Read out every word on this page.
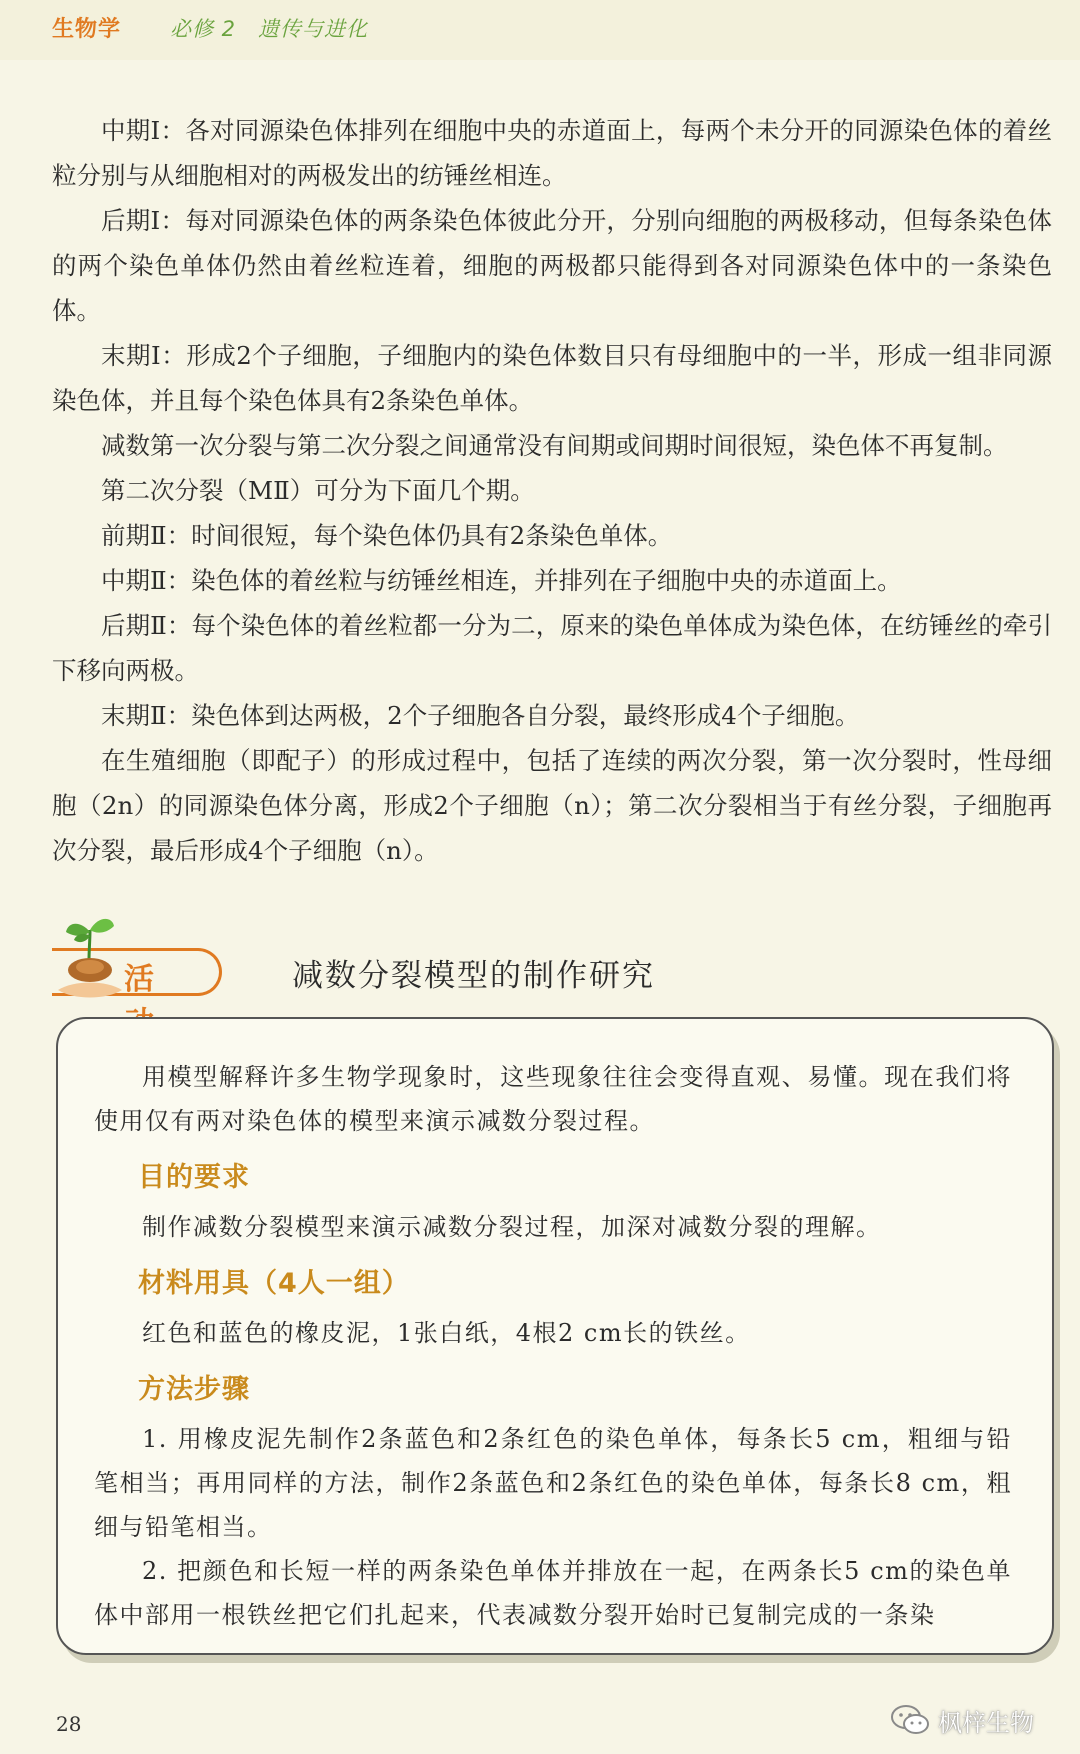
生物学 必修 2 遗传与进化

中期Ⅰ：各对同源染色体排列在细胞中央的赤道面上，每两个未分开的同源染色体的着丝粒分别与从细胞相对的两极发出的纺锤丝相连。

后期Ⅰ：每对同源染色体的两条染色体彼此分开，分别向细胞的两极移动，但每条染色体的两个染色单体仍然由着丝粒连着，细胞的两极都只能得到各对同源染色体中的一条染色体。

末期Ⅰ：形成2个子细胞，子细胞内的染色体数目只有母细胞中的一半，形成一组非同源染色体，并且每个染色体具有2条染色单体。

减数第一次分裂与第二次分裂之间通常没有间期或间期时间很短，染色体不再复制。

第二次分裂（MⅡ）可分为下面几个期。

前期Ⅱ：时间很短，每个染色体仍具有2条染色单体。

中期Ⅱ：染色体的着丝粒与纺锤丝相连，并排列在子细胞中央的赤道面上。

后期Ⅱ：每个染色体的着丝粒都一分为二，原来的染色单体成为染色体，在纺锤丝的牵引下移向两极。

末期Ⅱ：染色体到达两极，2个子细胞各自分裂，最终形成4个子细胞。

在生殖细胞（即配子）的形成过程中，包括了连续的两次分裂，第一次分裂时，性母细胞（2n）的同源染色体分离，形成2个子细胞（n）；第二次分裂相当于有丝分裂，子细胞再次分裂，最后形成4个子细胞（n）。

活	减数分裂模型的制作研究

用模型解释许多生物学现象时，这些现象往往会变得直观、易懂。现在我们将使用仅有两对染色体的模型来演示减数分裂过程。

目的要求

制作减数分裂模型来演示减数分裂过程，加深对减数分裂的理解。

材料用具（4人一组）

红色和蓝色的橡皮泥，1张白纸，4根2 cm长的铁丝。

方法步骤

1. 用橡皮泥先制作2条蓝色和2条红色的染色单体，每条长5 cm，粗细与铅笔相当；再用同样的方法，制作2条蓝色和2条红色的染色单体，每条长8 cm，粗细与铅笔相当。

2. 把颜色和长短一样的两条染色单体并排放在一起，在两条长5 cm的染色单体中部用一根铁丝把它们扎起来，代表减数分裂开始时已复制完成的一条染

28	枫梓生物
